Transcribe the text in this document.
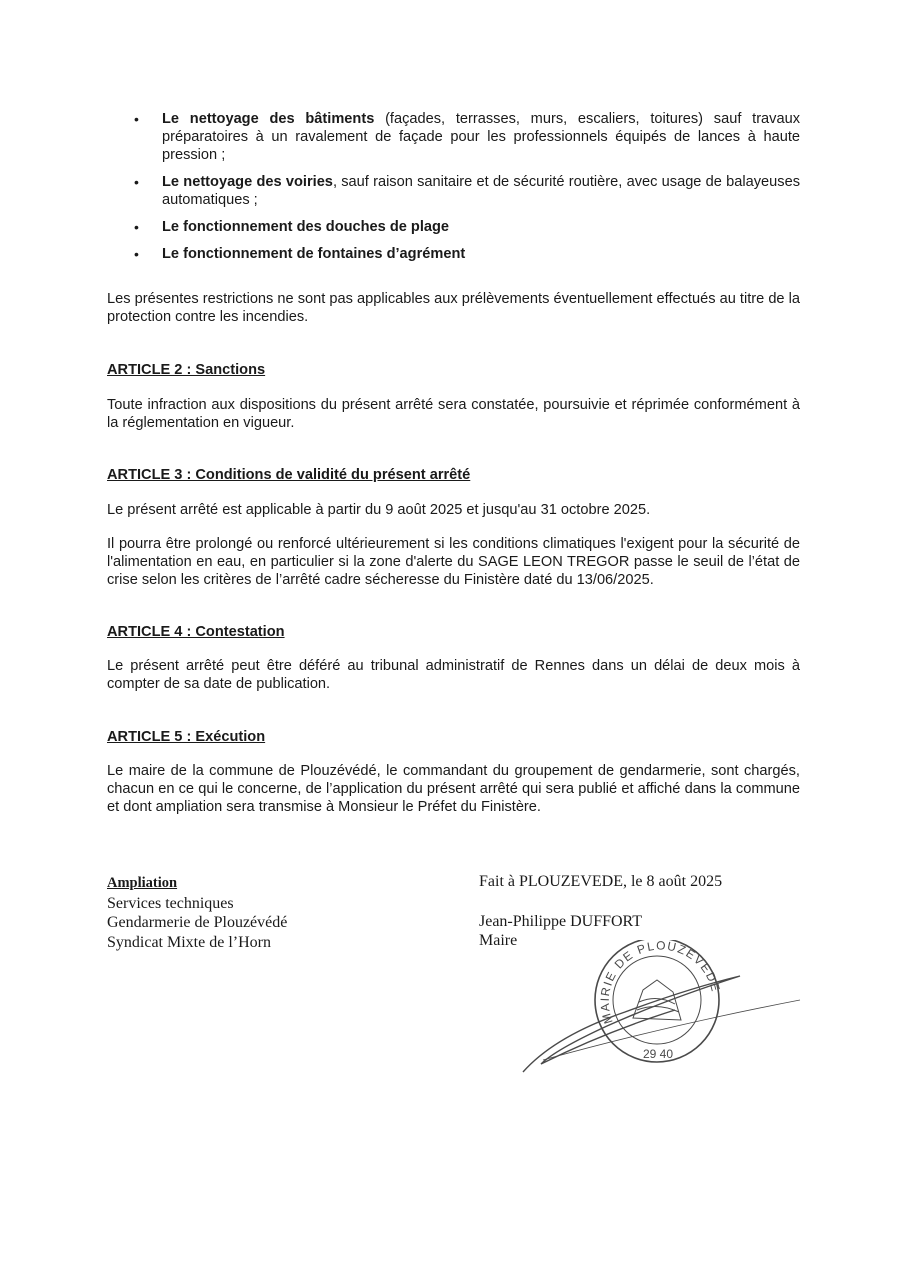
• Le nettoyage des bâtiments (façades, terrasses, murs, escaliers, toitures) sauf travaux préparatoires à un ravalement de façade pour les professionnels équipés de lances à haute pression ;
• Le nettoyage des voiries, sauf raison sanitaire et de sécurité routière, avec usage de balayeuses automatiques ;
• Le fonctionnement des douches de plage
• Le fonctionnement de fontaines d’agrément

Les présentes restrictions ne sont pas applicables aux prélèvements éventuellement effectués au titre de la protection contre les incendies.

ARTICLE 2 : Sanctions

Toute infraction aux dispositions du présent arrêté sera constatée, poursuivie et réprimée conformément à la réglementation en vigueur.

ARTICLE 3 : Conditions de validité du présent arrêté

Le présent arrêté est applicable à partir du 9 août 2025 et jusqu'au 31 octobre 2025.

Il pourra être prolongé ou renforcé ultérieurement si les conditions climatiques l'exigent pour la sécurité de l'alimentation en eau, en particulier si la zone d'alerte du SAGE LEON TREGOR passe le seuil de l’état de crise selon les critères de l’arrêté cadre sécheresse du Finistère daté du 13/06/2025.

ARTICLE 4 : Contestation

Le présent arrêté peut être déféré au tribunal administratif de Rennes dans un délai de deux mois à compter de sa date de publication.

ARTICLE 5 : Exécution

Le maire de la commune de Plouzévédé, le commandant du groupement de gendarmerie, sont chargés, chacun en ce qui le concerne, de l’application du présent arrêté qui sera publié et affiché dans la commune et dont ampliation sera transmise à Monsieur le Préfet du Finistère.

Ampliation
Services techniques
Gendarmerie de Plouzévédé
Syndicat Mixte de l’Horn
Fait à PLOUZEVEDE, le 8 août 2025
Jean-Philippe DUFFORT
Maire
MAIRIE DE PLOUZEVEDE
29 40
